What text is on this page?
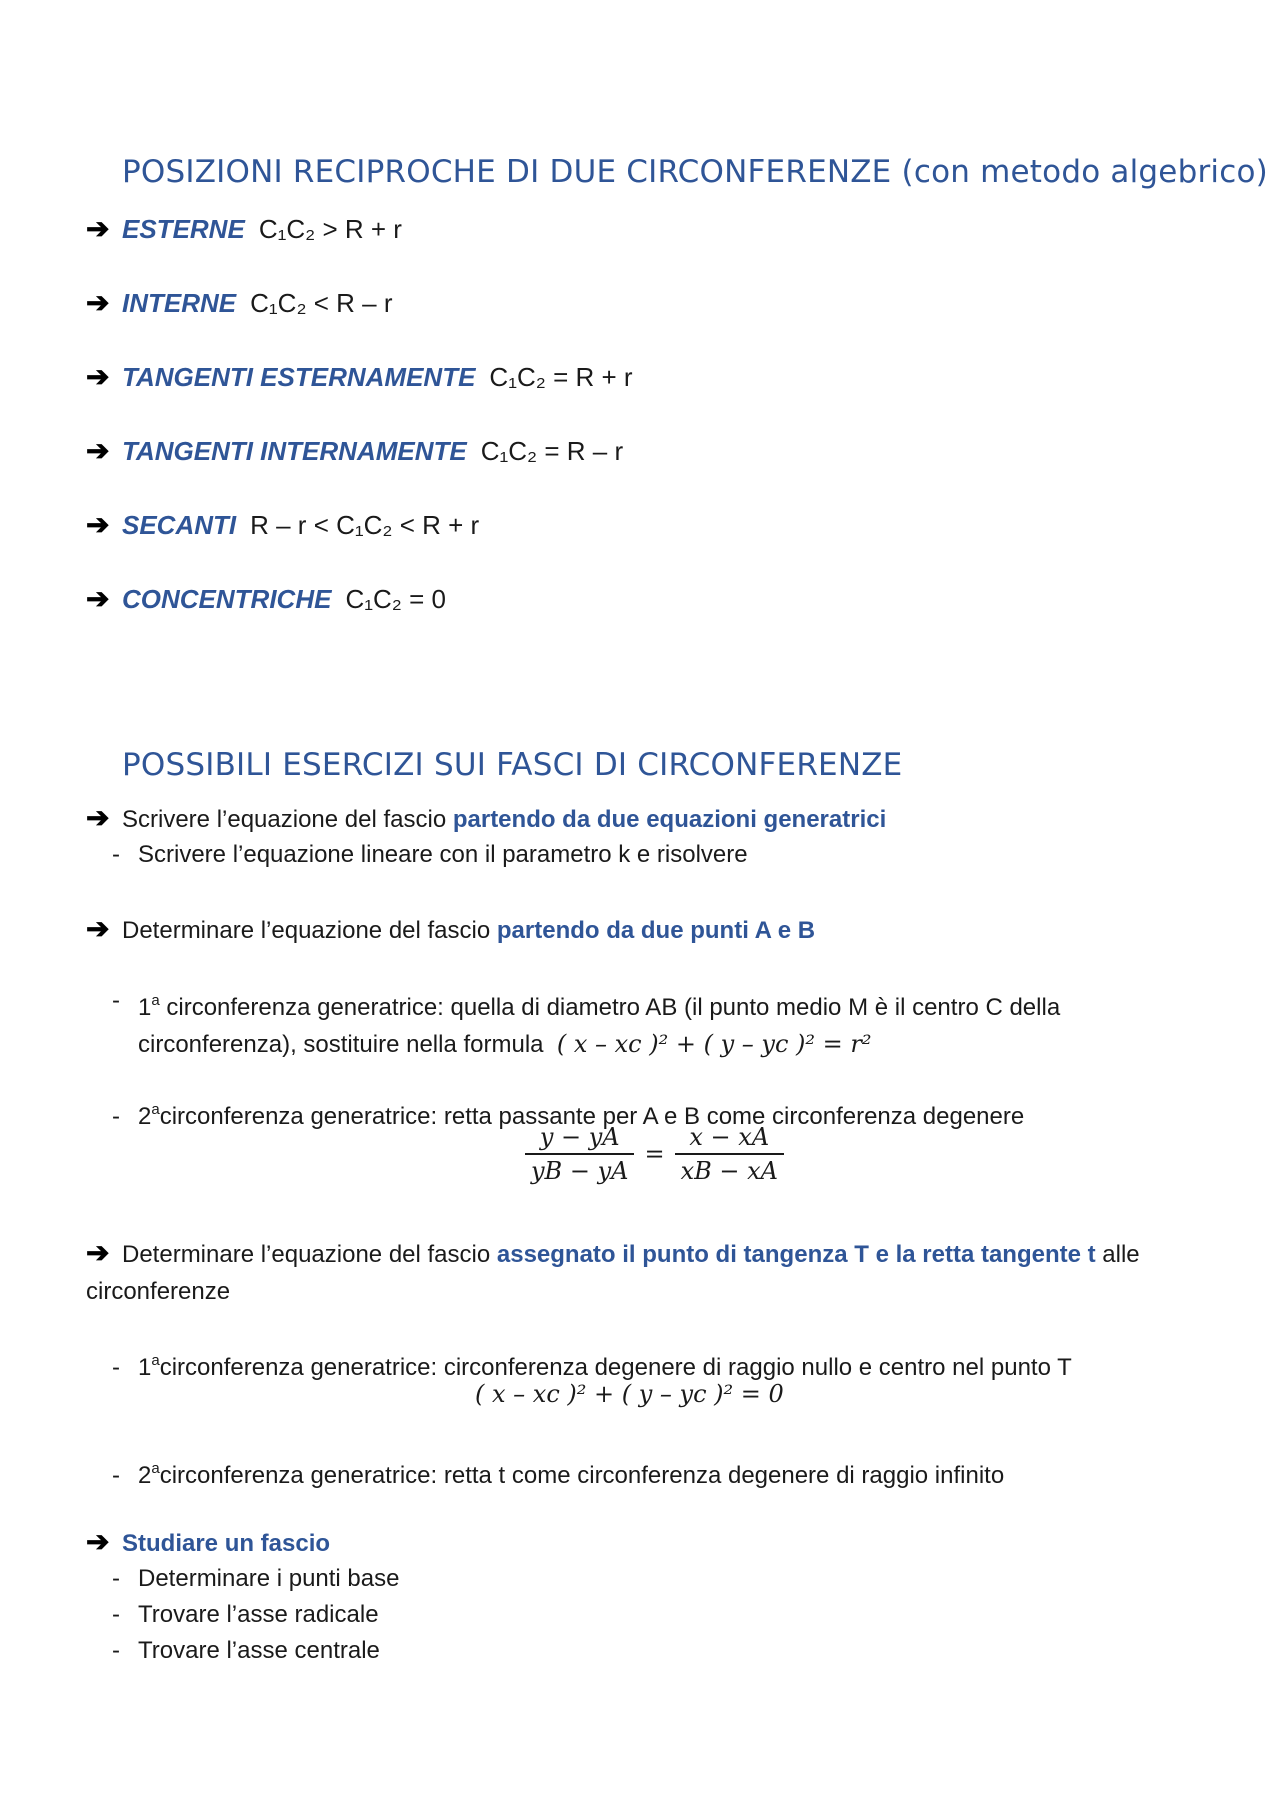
POSIZIONI RECIPROCHE DI DUE CIRCONFERENZE (con metodo algebrico)
➔ ESTERNE C₁C₂ > R + r
➔ INTERNE C₁C₂ < R – r
➔ TANGENTI ESTERNAMENTE C₁C₂ = R + r
➔ TANGENTI INTERNAMENTE C₁C₂ = R – r
➔ SECANTI R – r < C₁C₂ < R + r
➔ CONCENTRICHE C₁C₂ = 0
POSSIBILI ESERCIZI SUI FASCI DI CIRCONFERENZE
➔ Scrivere l’equazione del fascio partendo da due equazioni generatrici
- Scrivere l’equazione lineare con il parametro k e risolvere
➔ Determinare l’equazione del fascio partendo da due punti A e B
- 1$^a$ circonferenza generatrice: quella di diametro AB (il punto medio M è il centro C della circonferenza), sostituire nella formula ( x – xc )² + ( y – yc )² = r²
- 2$^a$circonferenza generatrice: retta passante per A e B come circonferenza degenere
$\frac{y - yA}{yB - yA} = \frac{x - xA}{xB - xA}$
➔ Determinare l’equazione del fascio assegnato il punto di tangenza T e la retta tangente t alle circonferenze
- 1$^a$circonferenza generatrice: circonferenza degenere di raggio nullo e centro nel punto T
( x – xc )² + ( y – yc )² = 0
- 2$^a$circonferenza generatrice: retta t come circonferenza degenere di raggio infinito
➔ Studiare un fascio
- Determinare i punti base
- Trovare l’asse radicale
- Trovare l’asse centrale
